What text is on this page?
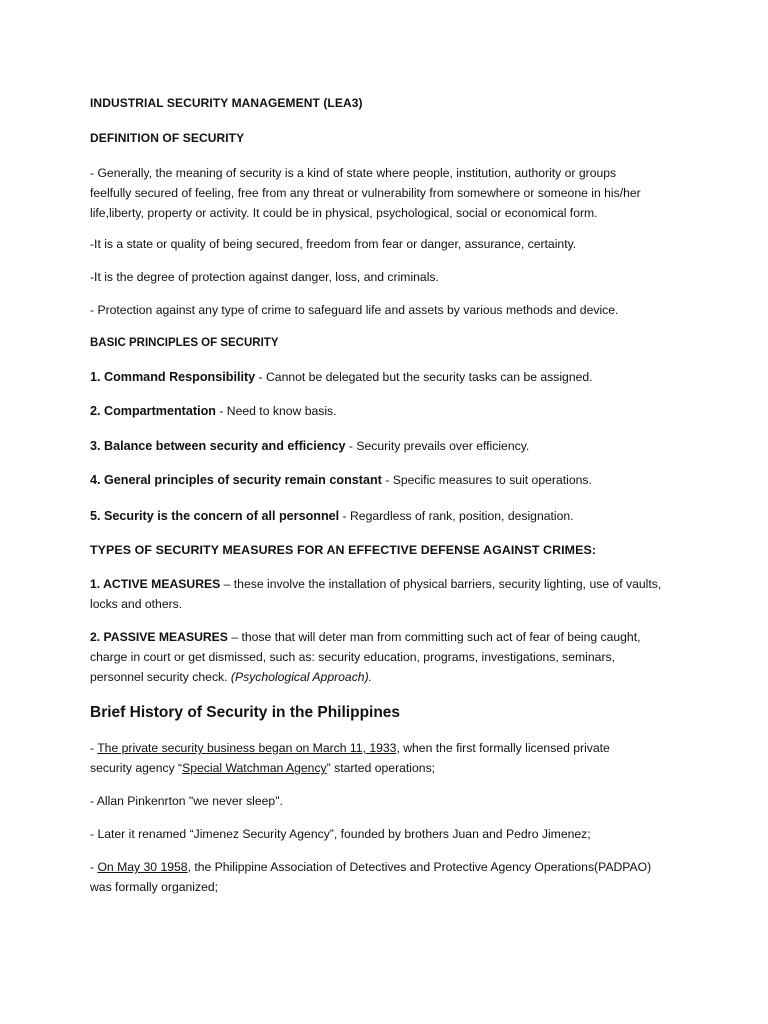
INDUSTRIAL SECURITY MANAGEMENT (LEA3)
DEFINITION OF SECURITY
- Generally, the meaning of security is a kind of state where people, institution, authority or groups
feelfully secured of feeling, free from any threat or vulnerability from somewhere or someone in his/her
life,liberty, property or activity. It could be in physical, psychological, social or economical form.
-It is a state or quality of being secured, freedom from fear or danger, assurance, certainty.
-It is the degree of protection against danger, loss, and criminals.
- Protection against any type of crime to safeguard life and assets by various methods and device.
BASIC PRINCIPLES OF SECURITY
1. Command Responsibility - Cannot be delegated but the security tasks can be assigned.
2. Compartmentation - Need to know basis.
3. Balance between security and efficiency - Security prevails over efficiency.
4. General principles of security remain constant - Specific measures to suit operations.
5. Security is the concern of all personnel - Regardless of rank, position, designation.
TYPES OF SECURITY MEASURES FOR AN EFFECTIVE DEFENSE AGAINST CRIMES:
1. ACTIVE MEASURES – these involve the installation of physical barriers, security lighting, use of vaults,
locks and others.
2. PASSIVE MEASURES – those that will deter man from committing such act of fear of being caught,
charge in court or get dismissed, such as: security education, programs, investigations, seminars,
personnel security check. (Psychological Approach).
Brief History of Security in the Philippines
- The private security business began on March 11, 1933, when the first formally licensed private
security agency “Special Watchman Agency” started operations;
- Allan Pinkenrton "we never sleep".
- Later it renamed “Jimenez Security Agency”, founded by brothers Juan and Pedro Jimenez;
- On May 30 1958, the Philippine Association of Detectives and Protective Agency Operations(PADPAO)
was formally organized;
